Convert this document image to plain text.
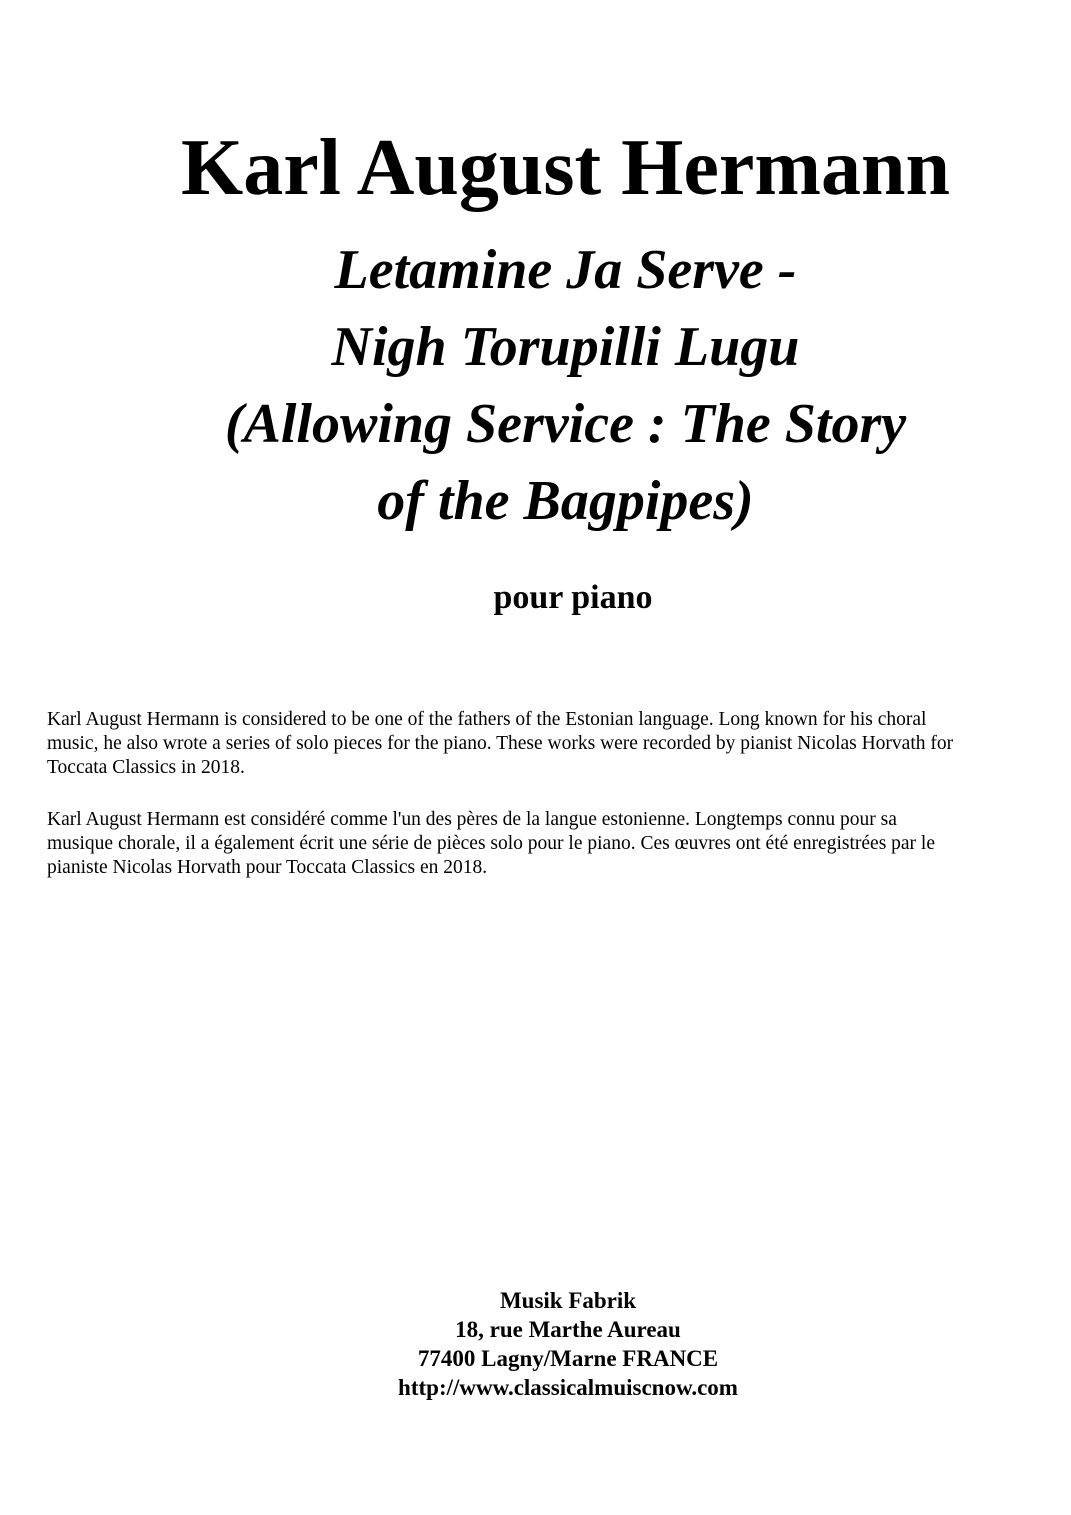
Karl August Hermann
Letamine Ja Serve -
Nigh Torupilli Lugu
(Allowing Service : The Story
of the Bagpipes)
pour piano

Karl August Hermann is considered to be one of the fathers of the Estonian language. Long known for his choral music, he also wrote a series of solo pieces for the piano. These works were recorded by pianist Nicolas Horvath for Toccata Classics in 2018.

Karl August Hermann est considéré comme l'un des pères de la langue estonienne. Longtemps connu pour sa musique chorale, il a également écrit une série de pièces solo pour le piano. Ces œuvres ont été enregistrées par le pianiste Nicolas Horvath pour Toccata Classics en 2018.

Musik Fabrik
18, rue Marthe Aureau
77400 Lagny/Marne FRANCE
http://www.classicalmuiscnow.com
